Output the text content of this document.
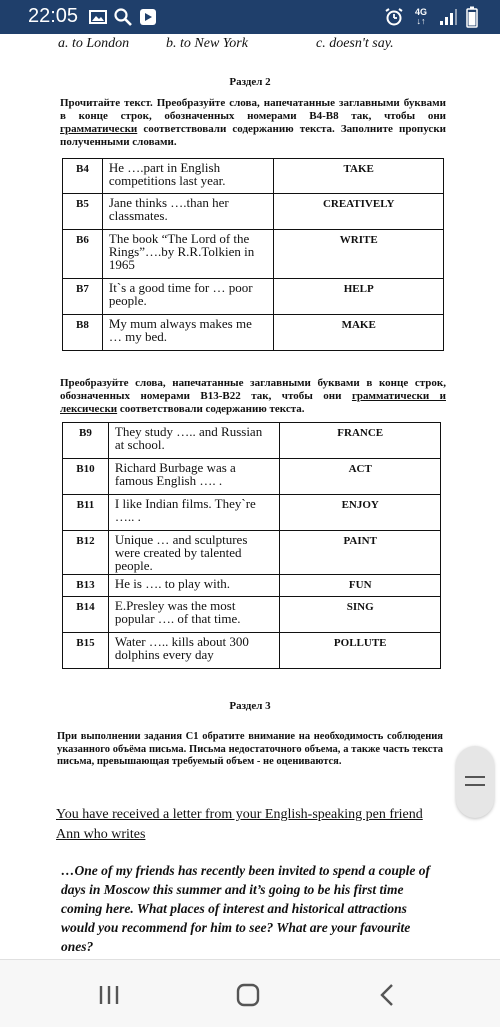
22:05	4G
↓↑
a. to London	b. to New York	c. doesn't say.
Раздел 2
Прочитайте текст. Преобразуйте слова, напечатанные заглавными буквами в конце строк, обозначенных номерами В4-В8 так, чтобы они грамматически соответствовали содержанию текста. Заполните пропуски полученными словами.
В4	He ….part in English competitions last year.	TAKE
В5	Jane thinks ….than her classmates.	CREATIVELY
В6	The book “The Lord of the Rings”….by R.R.Tolkien in 1965	WRITE
В7	It`s a good time for … poor people.	HELP
В8	My mum always makes me … my bed.	MAKE
Преобразуйте слова, напечатанные заглавными буквами в конце строк, обозначенных номерами В13-В22 так, чтобы они грамматически и лексически соответствовали содержанию текста.
В9	They study ….. and Russian at school.	FRANCE
В10	Richard Burbage was a famous English …. .	ACT
В11	I like Indian films. They`re ….. .	ENJOY
В12	Unique … and sculptures were created by talented people.	PAINT
В13	He is …. to play with.	FUN
В14	E.Presley was the most popular …. of that time.	SING
В15	Water ….. kills about 300 dolphins every day	POLLUTE
Раздел 3
При выполнении задания С1 обратите внимание на необходимость соблюдения указанного объёма письма. Письма недостаточного объема, а также часть текста письма, превышающая требуемый объем - не оцениваются.
You have received a letter from your English-speaking pen friend Ann who writes
…One of my friends has recently been invited to spend a couple of days in Moscow this summer and it’s going to be his first time coming here. What places of interest and historical attractions would you recommend for him to see? What are your favourite ones?
